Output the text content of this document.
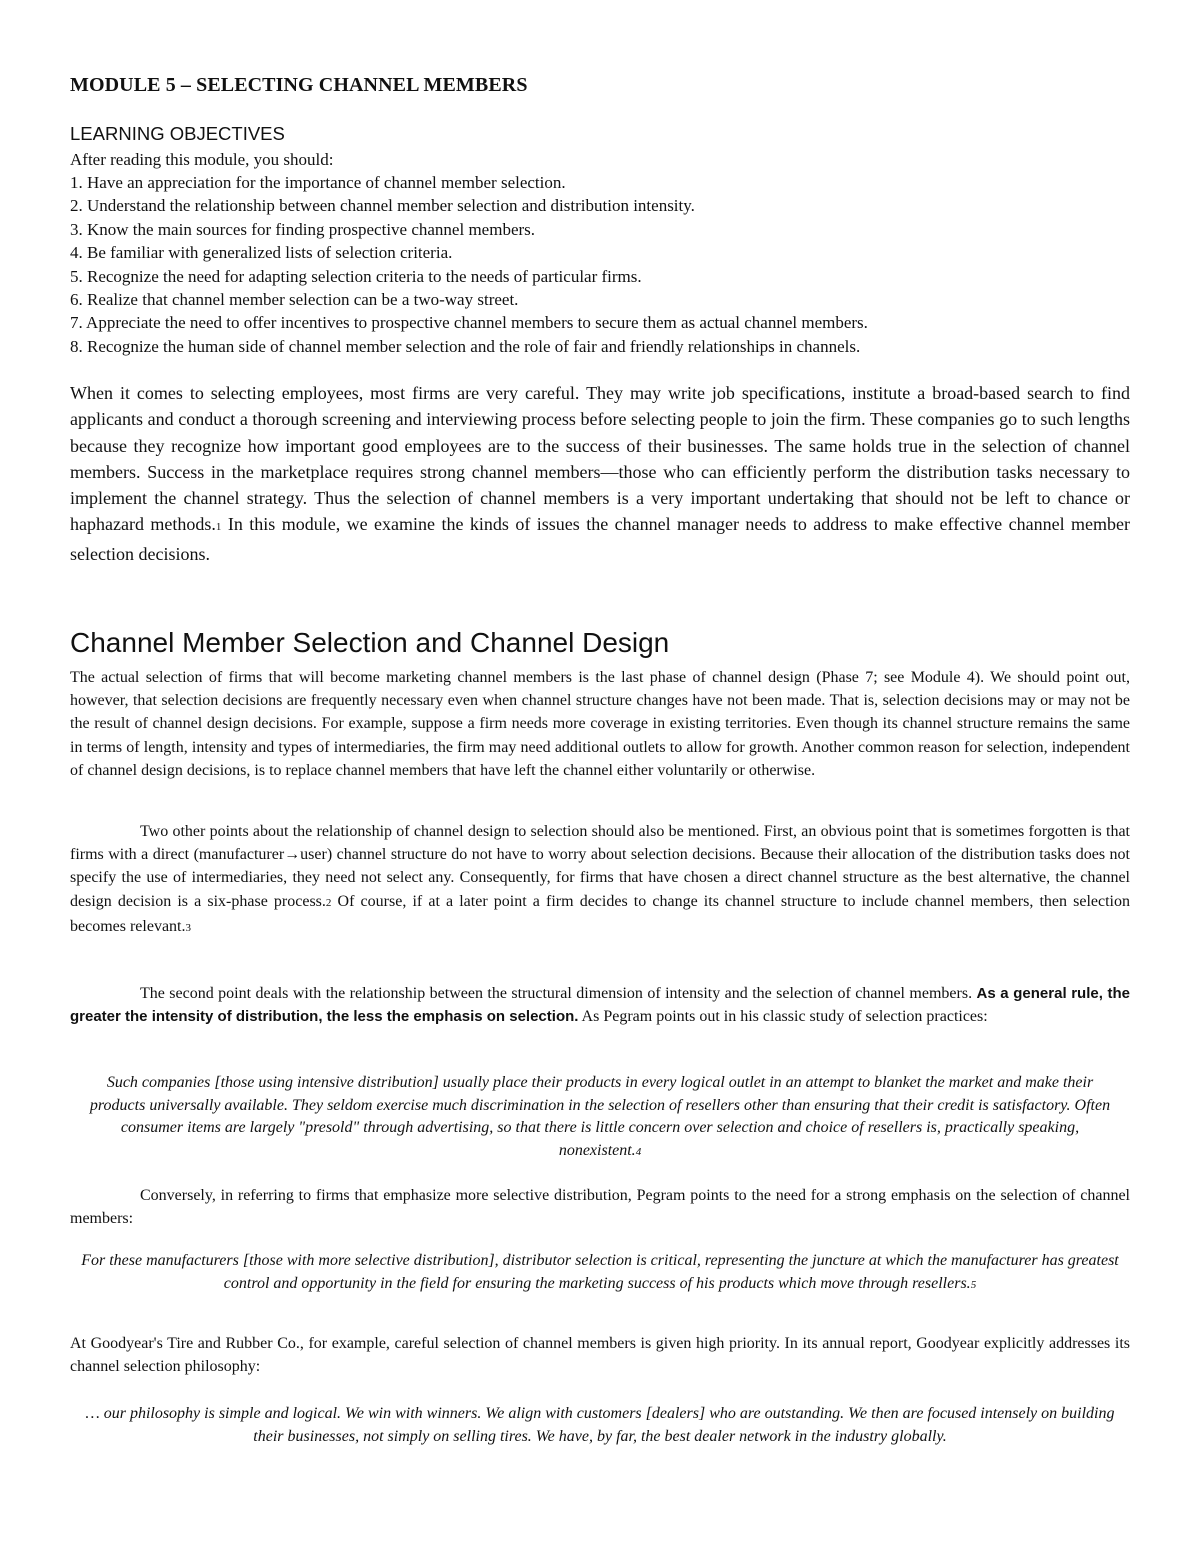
MODULE 5 – SELECTING CHANNEL MEMBERS
LEARNING OBJECTIVES
After reading this module, you should:
1. Have an appreciation for the importance of channel member selection.
2. Understand the relationship between channel member selection and distribution intensity.
3. Know the main sources for finding prospective channel members.
4. Be familiar with generalized lists of selection criteria.
5. Recognize the need for adapting selection criteria to the needs of particular firms.
6. Realize that channel member selection can be a two-way street.
7. Appreciate the need to offer incentives to prospective channel members to secure them as actual channel members.
8. Recognize the human side of channel member selection and the role of fair and friendly relationships in channels.

When it comes to selecting employees, most firms are very careful. They may write job specifications, institute a broad-based search to find applicants and conduct a thorough screening and interviewing process before selecting people to join the firm. These companies go to such lengths because they recognize how important good employees are to the success of their businesses. The same holds true in the selection of channel members. Success in the marketplace requires strong channel members—those who can efficiently perform the distribution tasks necessary to implement the channel strategy. Thus the selection of channel members is a very important undertaking that should not be left to chance or haphazard methods.1 In this module, we examine the kinds of issues the channel manager needs to address to make effective channel member selection decisions.

Channel Member Selection and Channel Design

The actual selection of firms that will become marketing channel members is the last phase of channel design (Phase 7; see Module 4). We should point out, however, that selection decisions are frequently necessary even when channel structure changes have not been made. That is, selection decisions may or may not be the result of channel design decisions. For example, suppose a firm needs more coverage in existing territories. Even though its channel structure remains the same in terms of length, intensity and types of intermediaries, the firm may need additional outlets to allow for growth. Another common reason for selection, independent of channel design decisions, is to replace channel members that have left the channel either voluntarily or otherwise.

Two other points about the relationship of channel design to selection should also be mentioned. First, an obvious point that is sometimes forgotten is that firms with a direct (manufacturer→user) channel structure do not have to worry about selection decisions. Because their allocation of the distribution tasks does not specify the use of intermediaries, they need not select any. Consequently, for firms that have chosen a direct channel structure as the best alternative, the channel design decision is a six-phase process.2 Of course, if at a later point a firm decides to change its channel structure to include channel members, then selection becomes relevant.3

The second point deals with the relationship between the structural dimension of intensity and the selection of channel members. As a general rule, the greater the intensity of distribution, the less the emphasis on selection. As Pegram points out in his classic study of selection practices:

Such companies [those using intensive distribution] usually place their products in every logical outlet in an attempt to blanket the market and make their products universally available. They seldom exercise much discrimination in the selection of resellers other than ensuring that their credit is satisfactory. Often consumer items are largely "presold" through advertising, so that there is little concern over selection and choice of resellers is, practically speaking, nonexistent.4

Conversely, in referring to firms that emphasize more selective distribution, Pegram points to the need for a strong emphasis on the selection of channel members:

For these manufacturers [those with more selective distribution], distributor selection is critical, representing the juncture at which the manufacturer has greatest control and opportunity in the field for ensuring the marketing success of his products which move through resellers.5

At Goodyear's Tire and Rubber Co., for example, careful selection of channel members is given high priority. In its annual report, Goodyear explicitly addresses its channel selection philosophy:

… our philosophy is simple and logical. We win with winners. We align with customers [dealers] who are outstanding. We then are focused intensely on building their businesses, not simply on selling tires. We have, by far, the best dealer network in the industry globally.
